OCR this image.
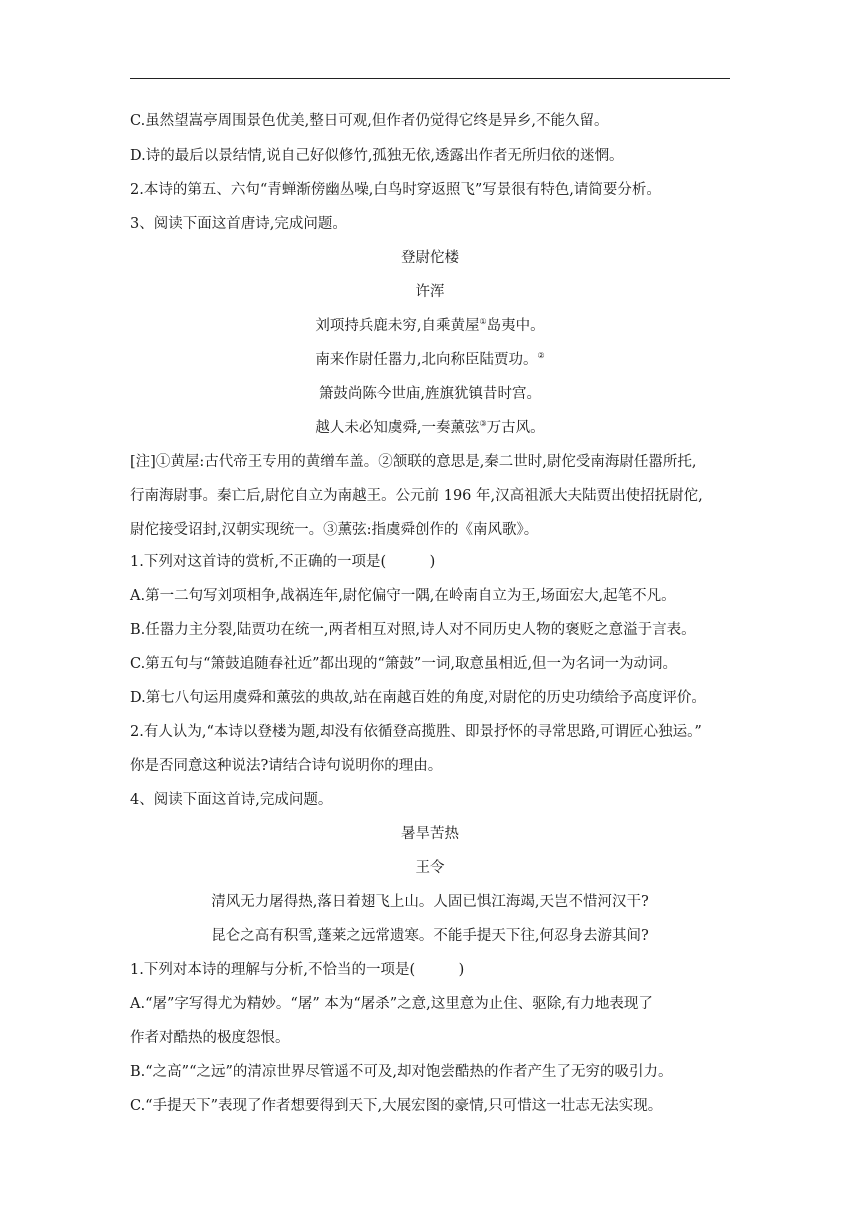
C.虽然望嵩亭周围景色优美,整日可观,但作者仍觉得它终是异乡,不能久留。
D.诗的最后以景结情,说自己好似修竹,孤独无依,透露出作者无所归依的迷惘。
2.本诗的第五、六句“青蝉渐傍幽丛噪,白鸟时穿返照飞”写景很有特色,请简要分析。
3、阅读下面这首唐诗,完成问题。
登尉佗楼
许浑
刘项持兵鹿未穷,自乘黄屋①岛夷中。
南来作尉任嚣力,北向称臣陆贾功。②
箫鼓尚陈今世庙,旌旗犹镇昔时宫。
越人未必知虞舜,一奏薰弦③万古风。
[注]①黄屋:古代帝王专用的黄缯车盖。②颔联的意思是,秦二世时,尉佗受南海尉任嚣所托,
行南海尉事。秦亡后,尉佗自立为南越王。公元前 196 年,汉高祖派大夫陆贾出使招抚尉佗,
尉佗接受诏封,汉朝实现统一。③薰弦:指虞舜创作的《南风歌》。
1.下列对这首诗的赏析,不正确的一项是(　　　)
A.第一二句写刘项相争,战祸连年,尉佗偏守一隅,在岭南自立为王,场面宏大,起笔不凡。
B.任嚣力主分裂,陆贾功在统一,两者相互对照,诗人对不同历史人物的褒贬之意溢于言表。
C.第五句与“箫鼓追随春社近”都出现的“箫鼓”一词,取意虽相近,但一为名词一为动词。
D.第七八句运用虞舜和薰弦的典故,站在南越百姓的角度,对尉佗的历史功绩给予高度评价。
2.有人认为,“本诗以登楼为题,却没有依循登高揽胜、即景抒怀的寻常思路,可谓匠心独运。”
你是否同意这种说法?请结合诗句说明你的理由。
4、阅读下面这首诗,完成问题。
暑旱苦热
王令
清风无力屠得热,落日着翅飞上山。人固已惧江海竭,天岂不惜河汉干?
昆仑之高有积雪,蓬莱之远常遗寒。不能手提天下往,何忍身去游其间?
1.下列对本诗的理解与分析,不恰当的一项是(　　　)
A.“屠”字写得尤为精妙。“屠” 本为“屠杀”之意,这里意为止住、驱除,有力地表现了
作者对酷热的极度怨恨。
B.“之高”“之远”的清凉世界尽管遥不可及,却对饱尝酷热的作者产生了无穷的吸引力。
C.“手提天下”表现了作者想要得到天下,大展宏图的豪情,只可惜这一壮志无法实现。
